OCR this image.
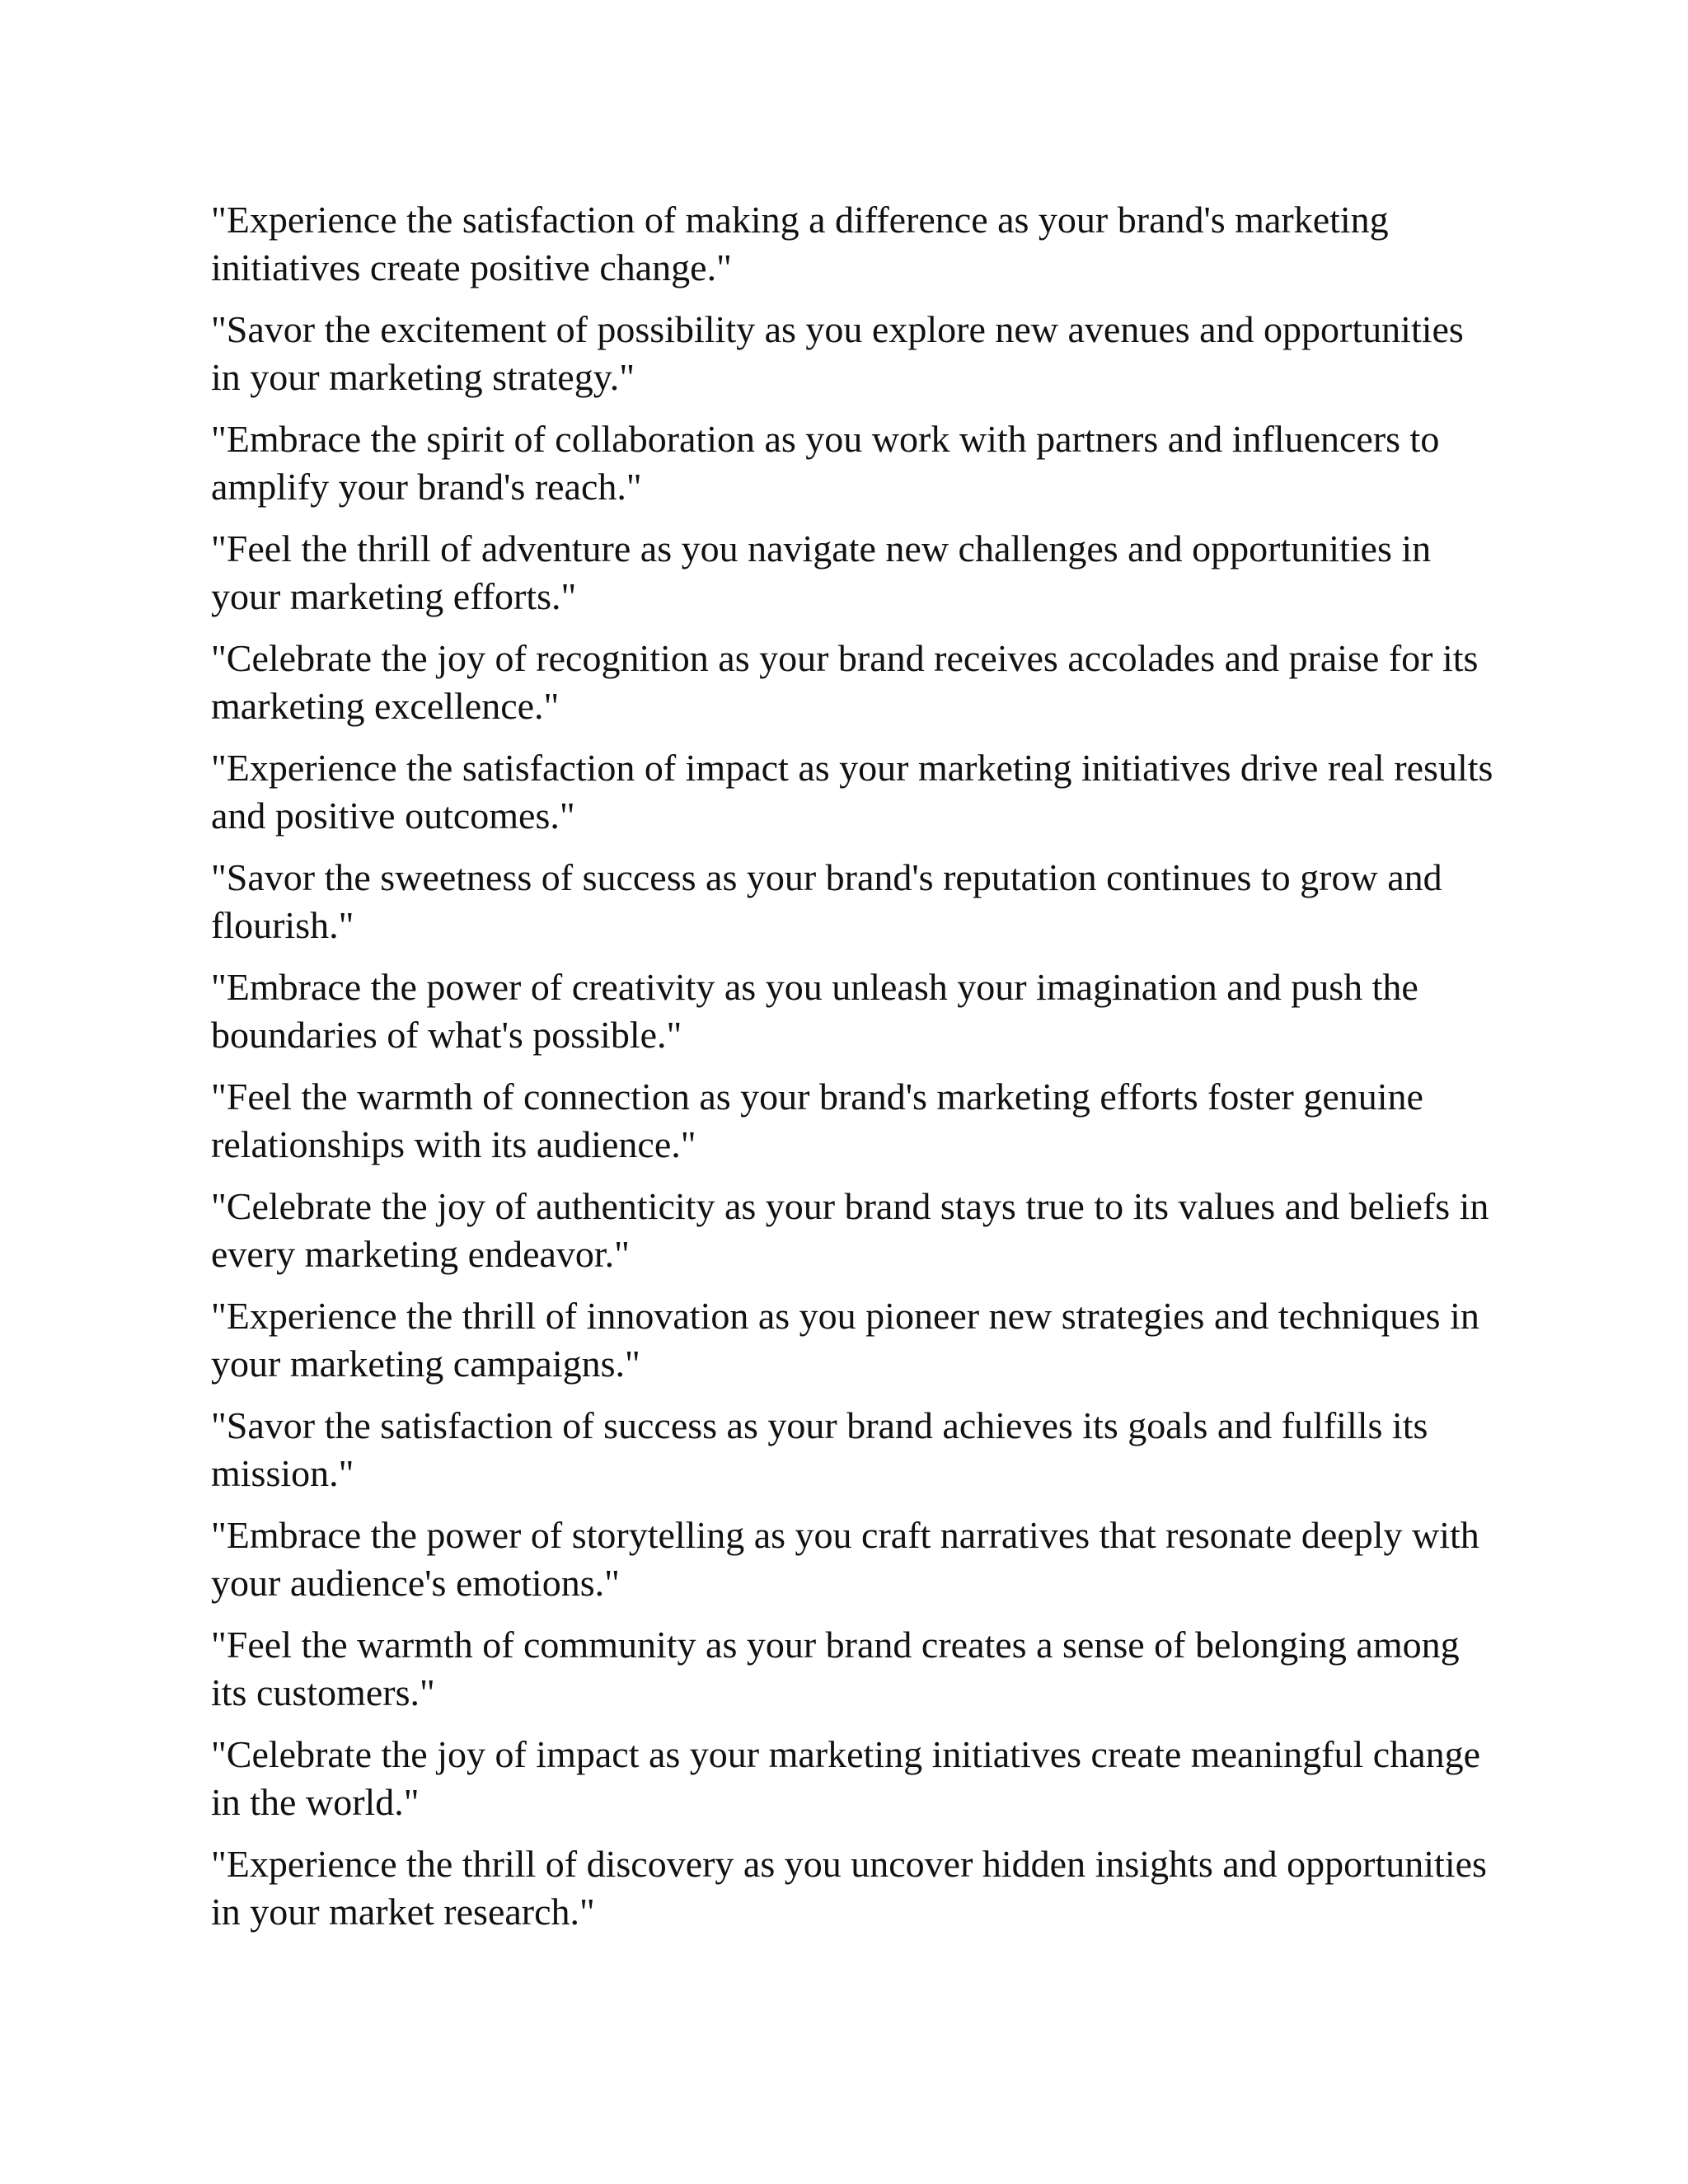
"Experience the satisfaction of making a difference as your brand's marketing initiatives create positive change."

"Savor the excitement of possibility as you explore new avenues and opportunities in your marketing strategy."

"Embrace the spirit of collaboration as you work with partners and influencers to amplify your brand's reach."

"Feel the thrill of adventure as you navigate new challenges and opportunities in your marketing efforts."

"Celebrate the joy of recognition as your brand receives accolades and praise for its marketing excellence."

"Experience the satisfaction of impact as your marketing initiatives drive real results and positive outcomes."

"Savor the sweetness of success as your brand's reputation continues to grow and flourish."

"Embrace the power of creativity as you unleash your imagination and push the boundaries of what's possible."

"Feel the warmth of connection as your brand's marketing efforts foster genuine relationships with its audience."

"Celebrate the joy of authenticity as your brand stays true to its values and beliefs in every marketing endeavor."

"Experience the thrill of innovation as you pioneer new strategies and techniques in your marketing campaigns."

"Savor the satisfaction of success as your brand achieves its goals and fulfills its mission."

"Embrace the power of storytelling as you craft narratives that resonate deeply with your audience's emotions."

"Feel the warmth of community as your brand creates a sense of belonging among its customers."

"Celebrate the joy of impact as your marketing initiatives create meaningful change in the world."

"Experience the thrill of discovery as you uncover hidden insights and opportunities in your market research."
